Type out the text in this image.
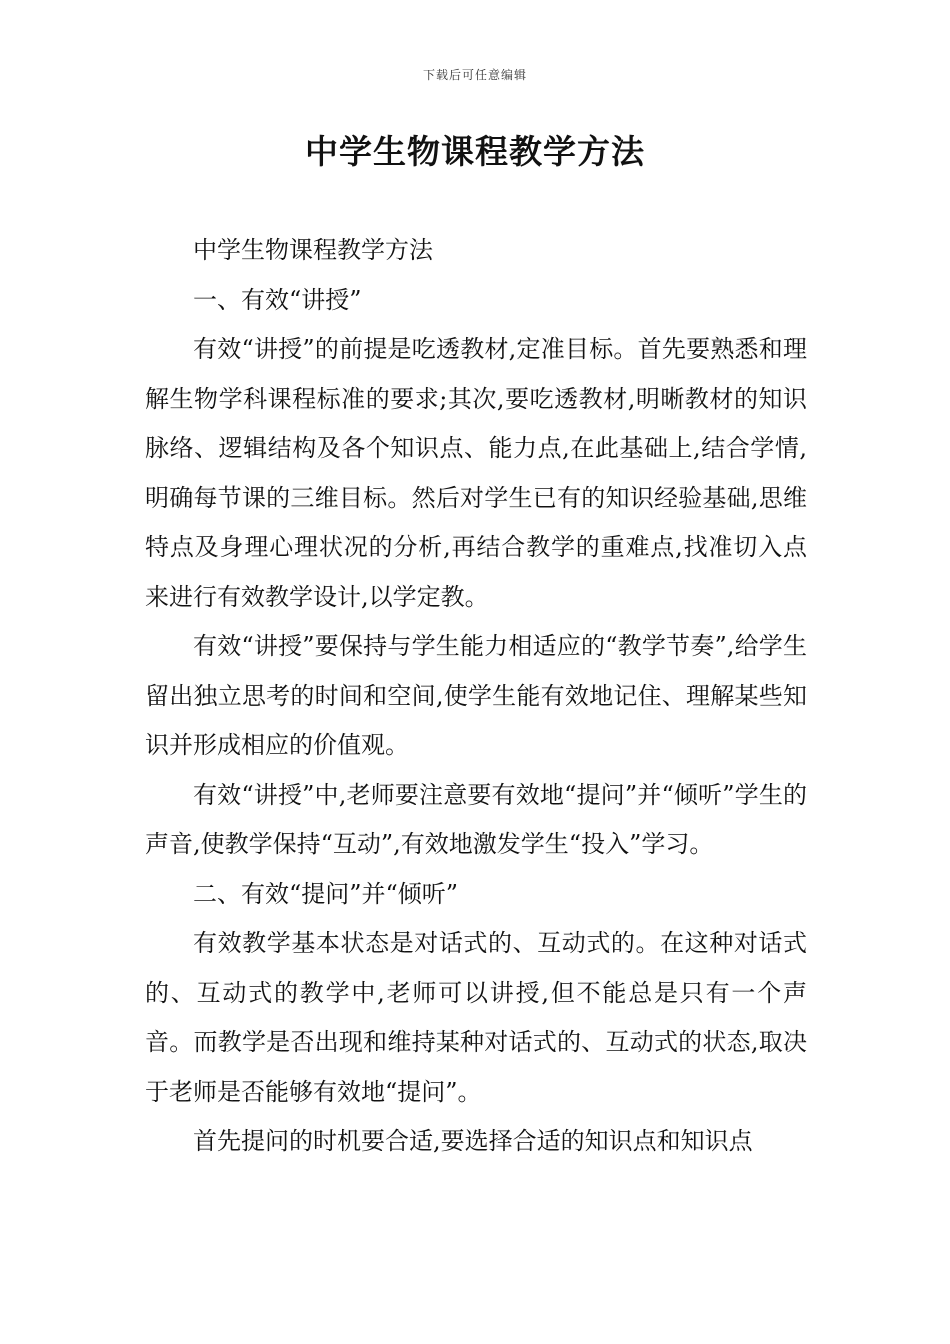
下载后可任意编辑
中学生物课程教学方法

中学生物课程教学方法

一、有效“讲授”

有效“讲授”的前提是吃透教材,定准目标。首先要熟悉和理解生物学科课程标准的要求;其次,要吃透教材,明晰教材的知识脉络、逻辑结构及各个知识点、能力点,在此基础上,结合学情,明确每节课的三维目标。然后对学生已有的知识经验基础,思维特点及身理心理状况的分析,再结合教学的重难点,找准切入点来进行有效教学设计,以学定教。

有效“讲授”要保持与学生能力相适应的“教学节奏”,给学生留出独立思考的时间和空间,使学生能有效地记住、理解某些知识并形成相应的价值观。

有效“讲授”中,老师要注意要有效地“提问”并“倾听”学生的声音,使教学保持“互动”,有效地激发学生“投入”学习。

二、有效“提问”并“倾听”

有效教学基本状态是对话式的、互动式的。在这种对话式的、互动式的教学中,老师可以讲授,但不能总是只有一个声音。而教学是否出现和维持某种对话式的、互动式的状态,取决于老师是否能够有效地“提问”。

首先提问的时机要合适,要选择合适的知识点和知识点
